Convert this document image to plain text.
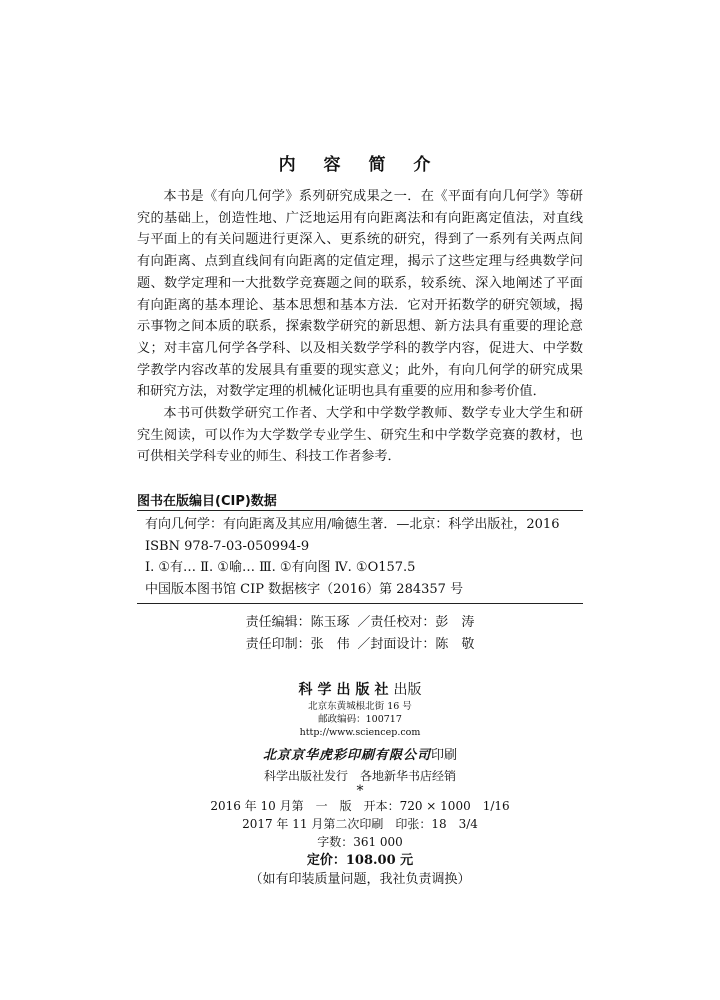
内 容 简 介

本书是《有向几何学》系列研究成果之一．在《平面有向几何学》等研究的基础上，创造性地、广泛地运用有向距离法和有向距离定值法，对直线与平面上的有关问题进行更深入、更系统的研究，得到了一系列有关两点间有向距离、点到直线间有向距离的定值定理，揭示了这些定理与经典数学问题、数学定理和一大批数学竞赛题之间的联系，较系统、深入地阐述了平面有向距离的基本理论、基本思想和基本方法．它对开拓数学的研究领域，揭示事物之间本质的联系，探索数学研究的新思想、新方法具有重要的理论意义；对丰富几何学各学科、以及相关数学学科的教学内容，促进大、中学数学教学内容改革的发展具有重要的现实意义；此外，有向几何学的研究成果和研究方法，对数学定理的机械化证明也具有重要的应用和参考价值．

本书可供数学研究工作者、大学和中学数学教师、数学专业大学生和研究生阅读，可以作为大学数学专业学生、研究生和中学数学竞赛的教材，也可供相关学科专业的师生、科技工作者参考．

图书在版编目(CIP)数据
有向几何学：有向距离及其应用/喻德生著．—北京：科学出版社，2016
ISBN 978-7-03-050994-9
Ⅰ. ①有… Ⅱ. ①喻… Ⅲ. ①有向图 Ⅳ. ①O157.5
中国版本图书馆 CIP 数据核字（2016）第 284357 号
责任编辑：陈玉琢 ／责任校对：彭　涛
责任印制：张　伟 ／封面设计：陈　敬
科学出版社出版
北京东黄城根北街 16 号
邮政编码：100717
http://www.sciencep.com
北京京华虎彩印刷有限公司印刷
科学出版社发行　各地新华书店经销
*
2016 年 10 月第　一　版　开本：720 × 1000　1/16
2017 年 11 月第二次印刷　印张：18　3/4
字数：361 000
定价：108.00 元
（如有印装质量问题，我社负责调换）
